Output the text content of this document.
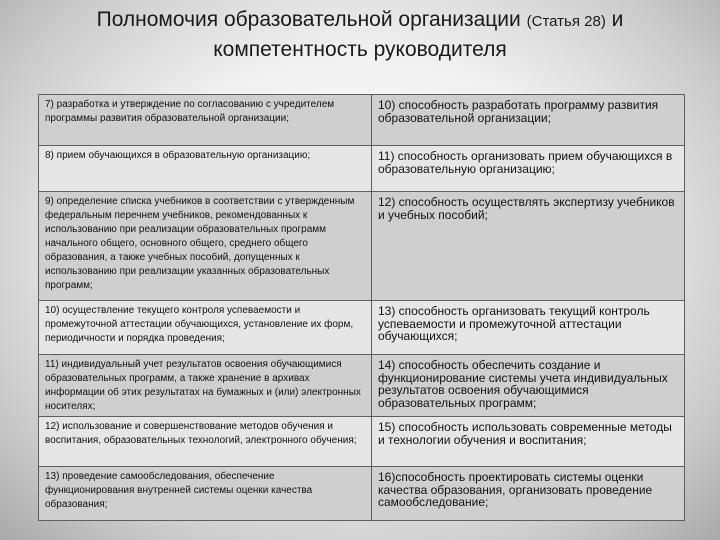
Полномочия образовательной организации (Статья 28) и
компетентность руководителя
7) разработка и утверждение по согласованию с учредителем программы развития образовательной организации;	10) способность разработать программу развития образовательной организации;
8) прием обучающихся в образовательную организацию;	11) способность организовать прием обучающихся в образовательную организацию;
9) определение списка учебников в соответствии с утвержденным федеральным перечнем учебников, рекомендованных к использованию при реализации образовательных программ начального общего, основного общего, среднего общего образования, а также учебных пособий, допущенных к использованию при реализации указанных образовательных программ;	12) способность осуществлять экспертизу учебников и учебных пособий;
10) осуществление текущего контроля успеваемости и промежуточной аттестации обучающихся, установление их форм, периодичности и порядка проведения;	13) способность организовать текущий контроль успеваемости и промежуточной аттестации обучающихся;
11) индивидуальный учет результатов освоения обучающимися образовательных программ, а также хранение в архивах информации об этих результатах на бумажных и (или) электронных носителях;	14) способность обеспечить создание и функционирование системы учета индивидуальных результатов освоения обучающимися образовательных программ;
12) использование и совершенствование методов обучения и воспитания, образовательных технологий, электронного обучения;	15) способность использовать современные методы и технологии обучения и воспитания;
13) проведение самообследования, обеспечение функционирования внутренней системы оценки качества образования;	16)способность проектировать системы оценки качества образования, организовать проведение самообследование;
